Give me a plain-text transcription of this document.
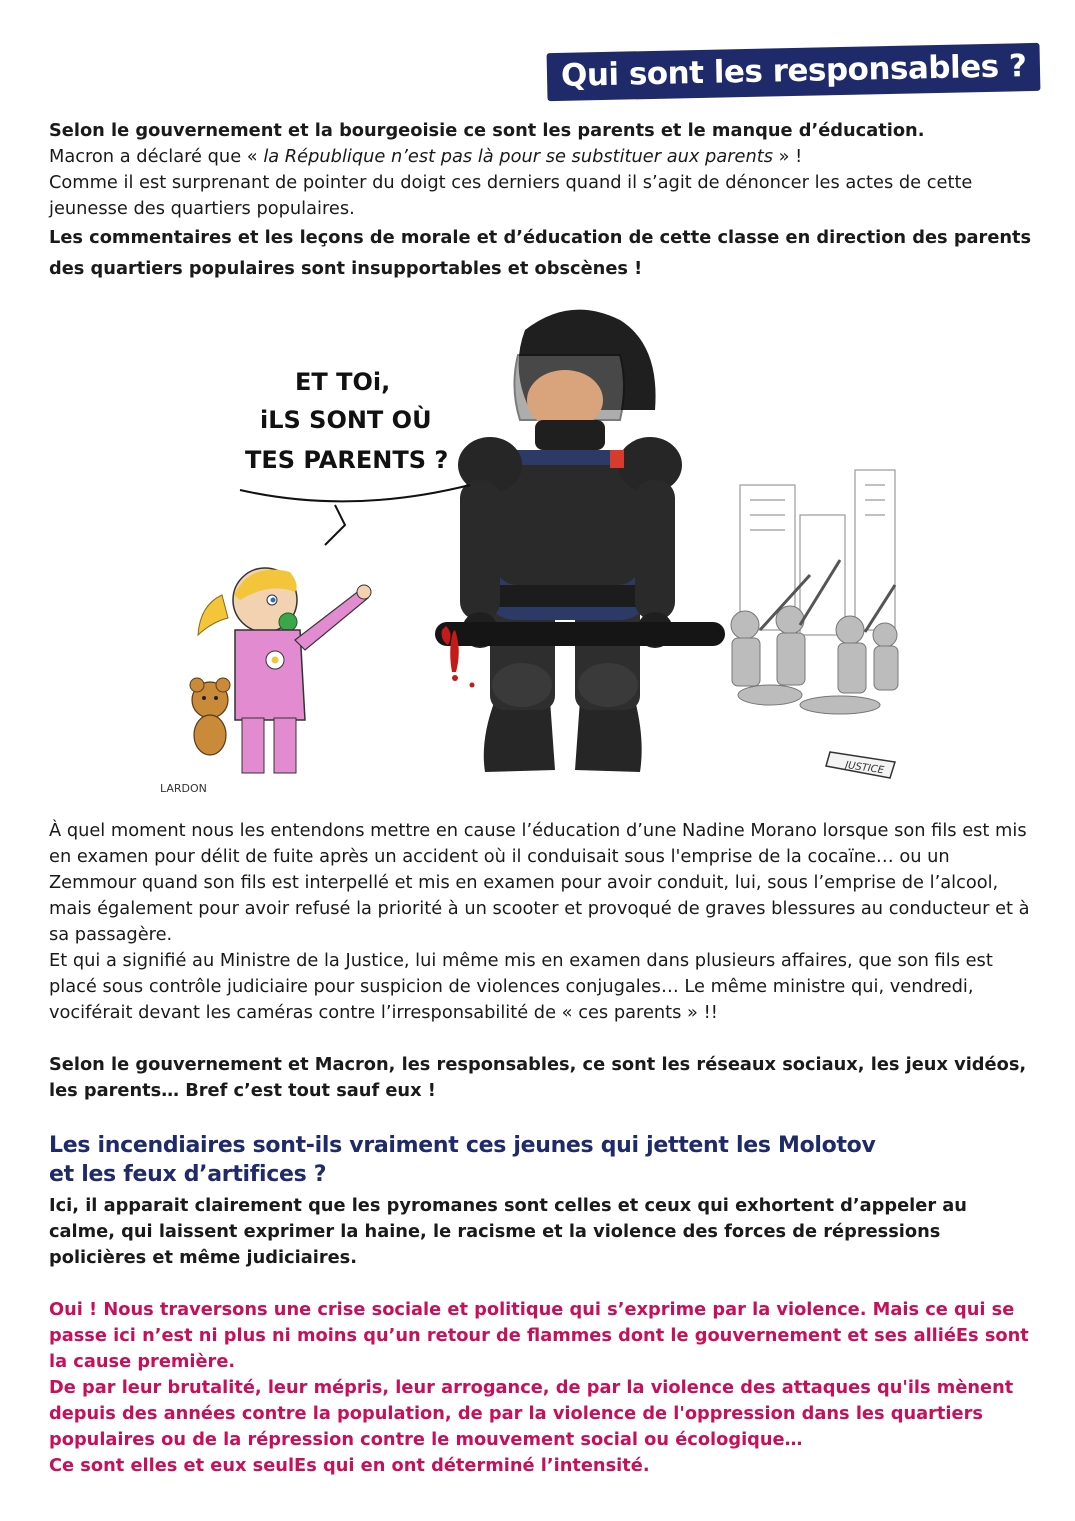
Qui sont les responsables ?

Selon le gouvernement et la bourgeoisie ce sont les parents et le manque d’éducation.

Macron a déclaré que « la République n’est pas là pour se substituer aux parents » !

Comme il est surprenant de pointer du doigt ces derniers quand il s’agit de dénoncer les actes de cette jeunesse des quartiers populaires.

Les commentaires et les leçons de morale et d’éducation de cette classe en direction des parents des quartiers populaires sont insupportables et obscènes !

JUSTICE
ET TOi,
iLS SONT OÙ
TES PARENTS ?
LARDON

À quel moment nous les entendons mettre en cause l’éducation d’une Nadine Morano lorsque son fils est mis en examen pour délit de fuite après un accident où il conduisait sous l'emprise de la cocaïne… ou un Zemmour quand son fils est interpellé et mis en examen pour avoir conduit, lui, sous l’emprise de l’alcool, mais également pour avoir refusé la priorité à un scooter et provoqué de graves blessures au conducteur et à sa passagère.

Et qui a signifié au Ministre de la Justice, lui même mis en examen dans plusieurs affaires, que son fils est placé sous contrôle judiciaire pour suspicion de violences conjugales… Le même ministre qui, vendredi, vociférait devant les caméras contre l’irresponsabilité de « ces parents » !!

Selon le gouvernement et Macron, les responsables, ce sont les réseaux sociaux, les jeux vidéos, les parents… Bref c’est tout sauf eux !

Les incendiaires sont-ils vraiment ces jeunes qui jettent les Molotov
et les feux d’artifices ?

Ici, il apparait clairement que les pyromanes sont celles et ceux qui exhortent d’appeler au calme, qui laissent exprimer la haine, le racisme et la violence des forces de répressions policières et même judiciaires.

Oui ! Nous traversons une crise sociale et politique qui s’exprime par la violence. Mais ce qui se passe ici n’est ni plus ni moins qu’un retour de flammes dont le gouvernement et ses alliéEs sont la cause première.

De par leur brutalité, leur mépris, leur arrogance, de par la violence des attaques qu'ils mènent depuis des années contre la population, de par la violence de l'oppression dans les quartiers populaires ou de la répression contre le mouvement social ou écologique…

Ce sont elles et eux seulEs qui en ont déterminé l’intensité.
